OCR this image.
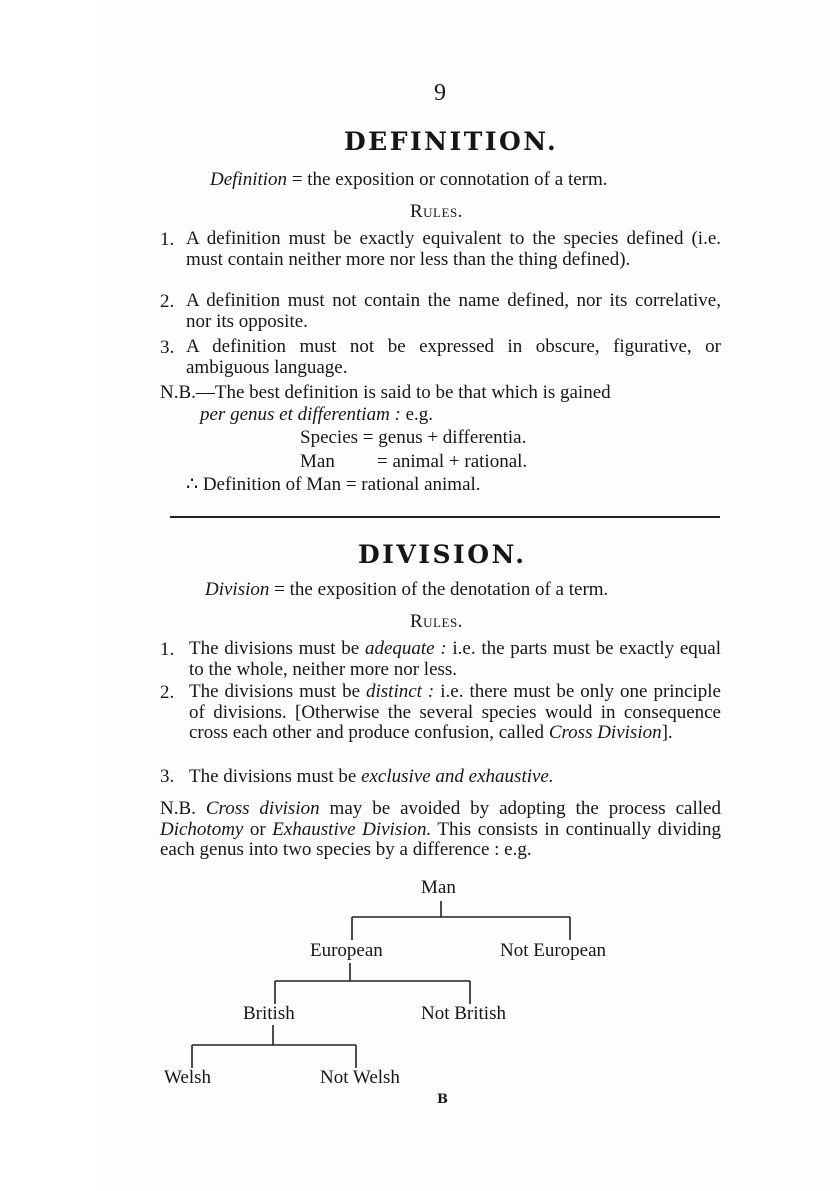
9
DEFINITION.
Definition = the exposition or connotation of a term.
Rules.
1. A definition must be exactly equivalent to the species defined (i.e. must contain neither more nor less than the thing defined).
2. A definition must not contain the name defined, nor its correlative, nor its opposite.
3. A definition must not be expressed in obscure, figurative, or ambiguous language.
N.B.—The best definition is said to be that which is gained
per genus et differentiam : e.g.
Species = genus + differentia.
Man = animal + rational.
∴ Definition of Man = rational animal.
DIVISION.
Division = the exposition of the denotation of a term.
Rules.
1. The divisions must be adequate : i.e. the parts must be exactly equal to the whole, neither more nor less.
2. The divisions must be distinct : i.e. there must be only one principle of divisions. [Otherwise the several species would in consequence cross each other and produce confusion, called Cross Division].
3. The divisions must be exclusive and exhaustive.
N.B. Cross division may be avoided by adopting the process called Dichotomy or Exhaustive Division. This consists in continually dividing each genus into two species by a difference : e.g.
Man
European	Not European
British	Not British
Welsh	Not Welsh
B
